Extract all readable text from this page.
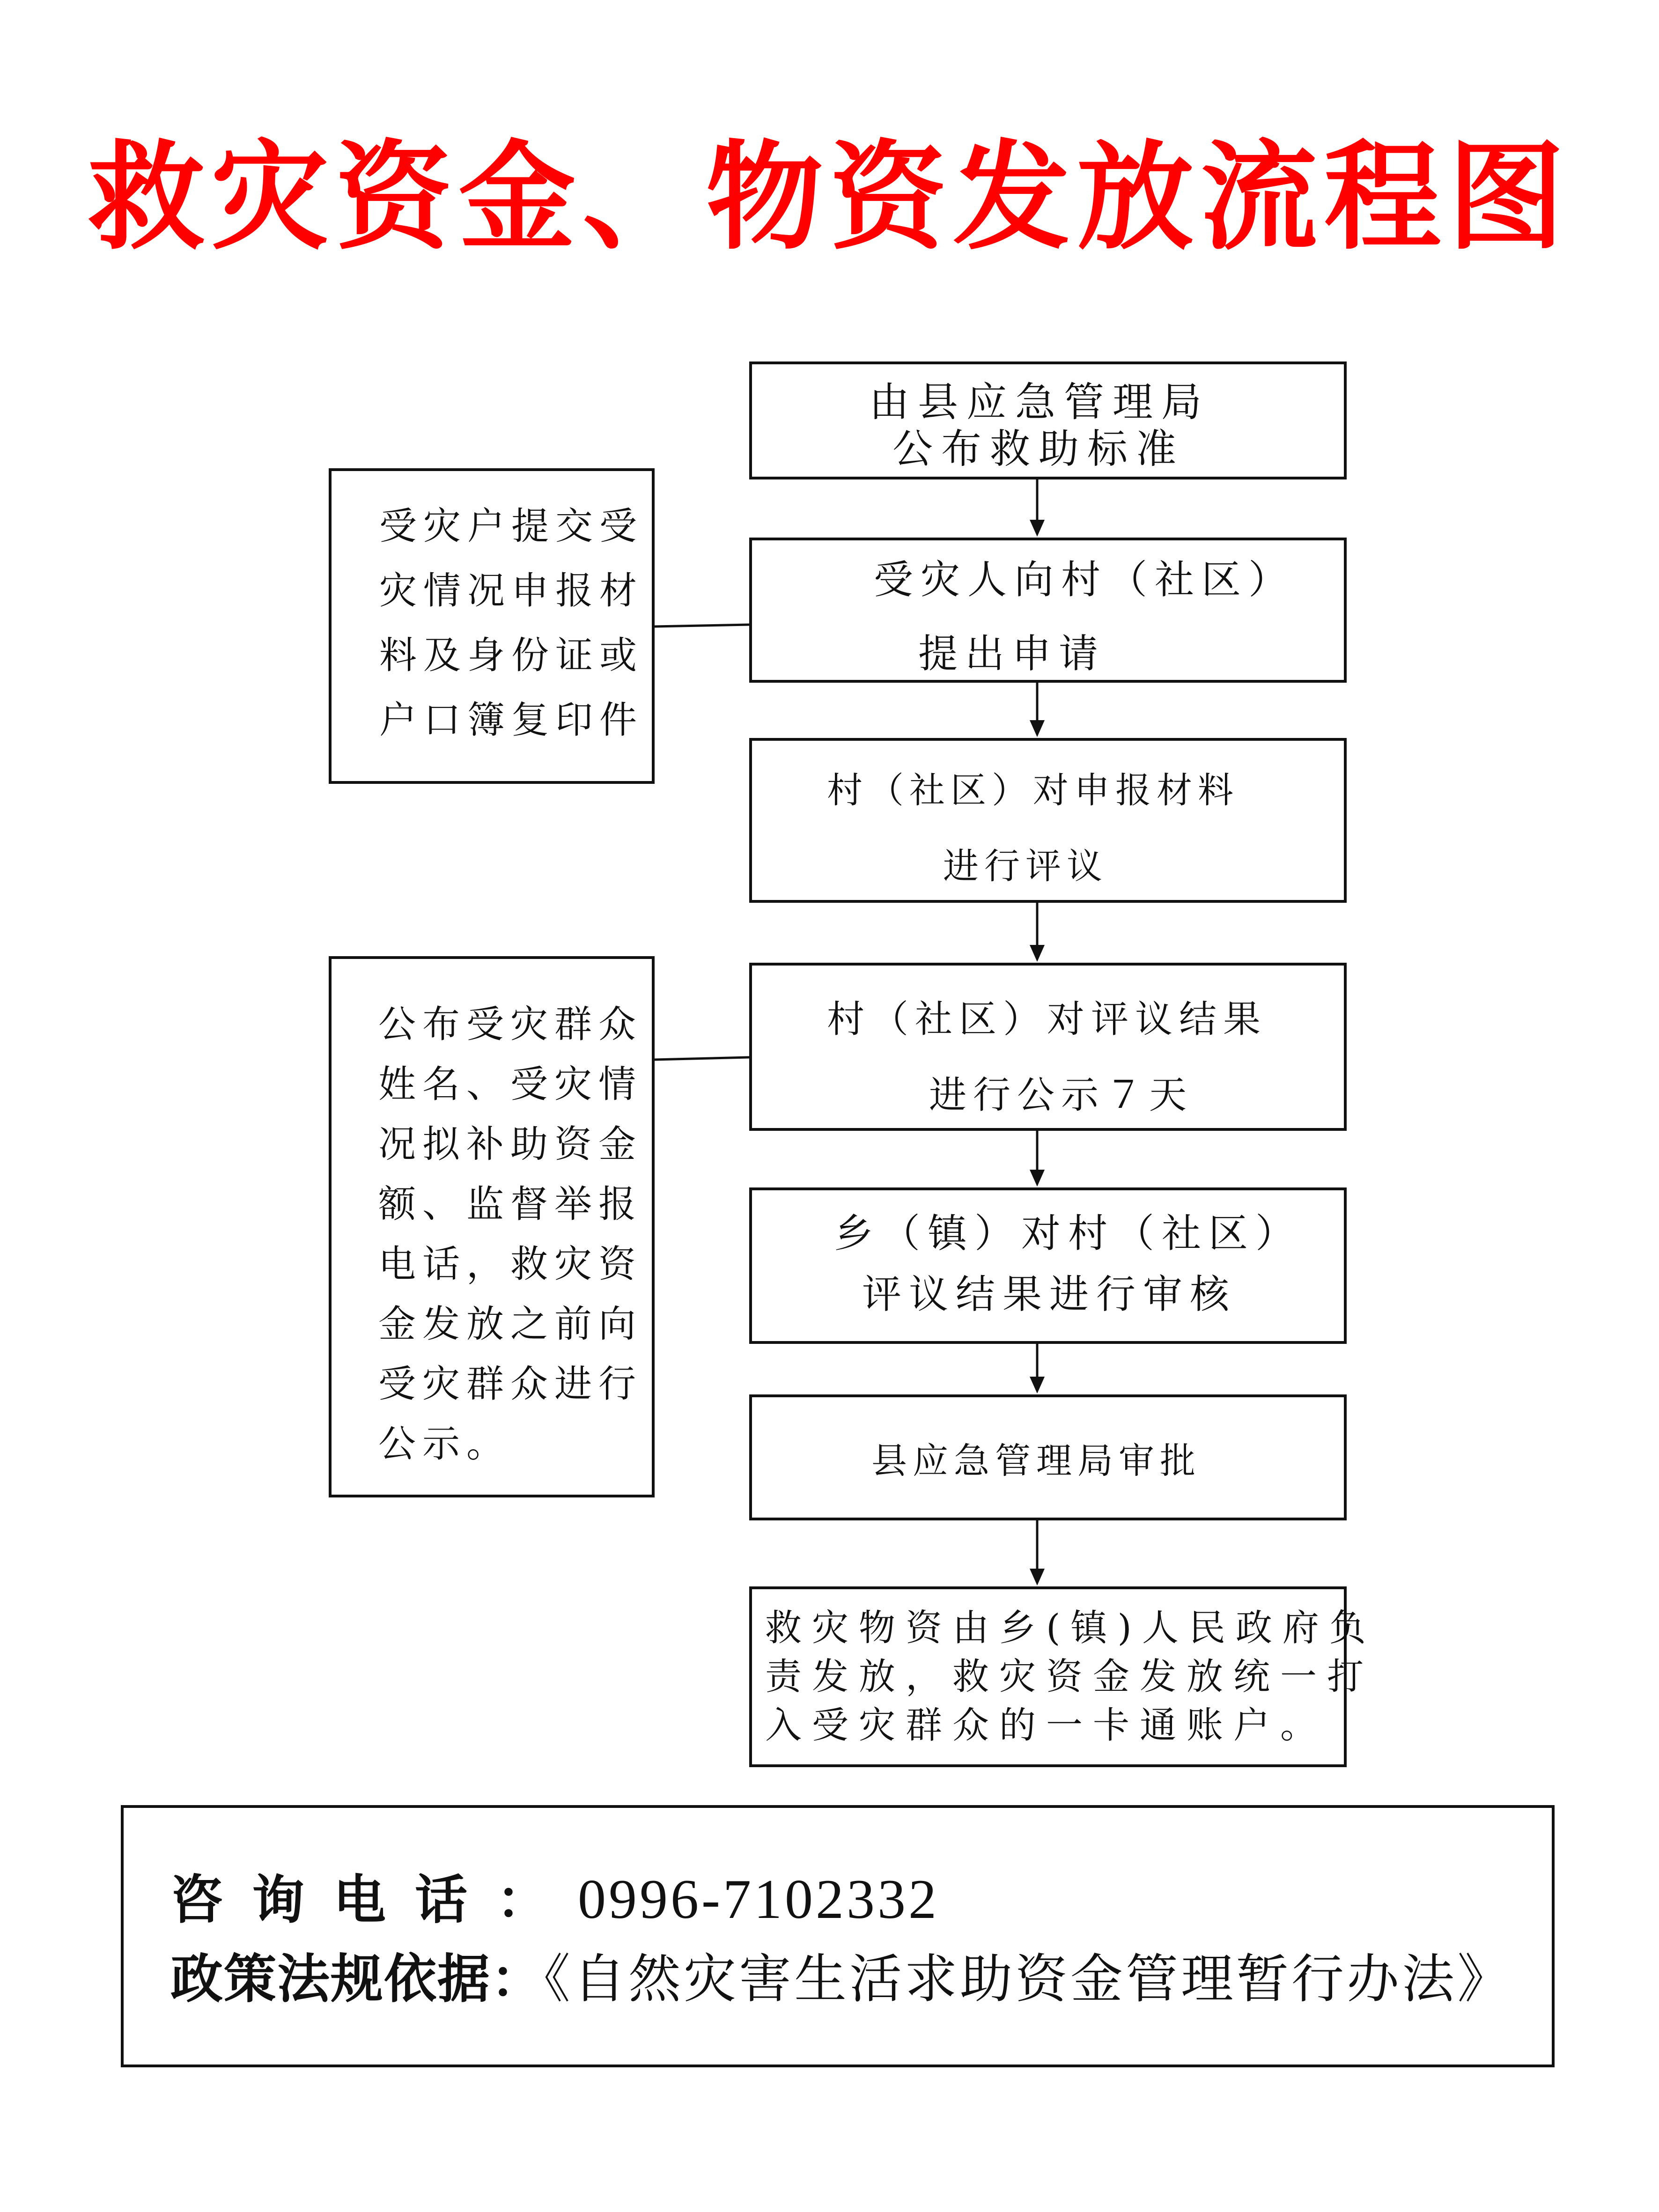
救灾资金、物资发放流程图
由县应急管理局
公布救助标准
受灾人向村（社区）
提出申请
村（社区）对申报材料
进行评议
村（社区）对评议结果
进行公示７天
乡（镇）对村（社区）
评议结果进行审核
县应急管理局审批
救灾物资由乡(镇)人民政府负
责发放，救灾资金发放统一打
入受灾群众的一卡通账户。
受灾户提交受
灾情况申报材
料及身份证或
户口簿复印件
公布受灾群众
姓名、受灾情
况拟补助资金
额、监督举报
电话，救灾资
金发放之前向
受灾群众进行
公示。
咨询电话：0996-7102332
政策法规依据：《自然灾害生活求助资金管理暂行办法》
